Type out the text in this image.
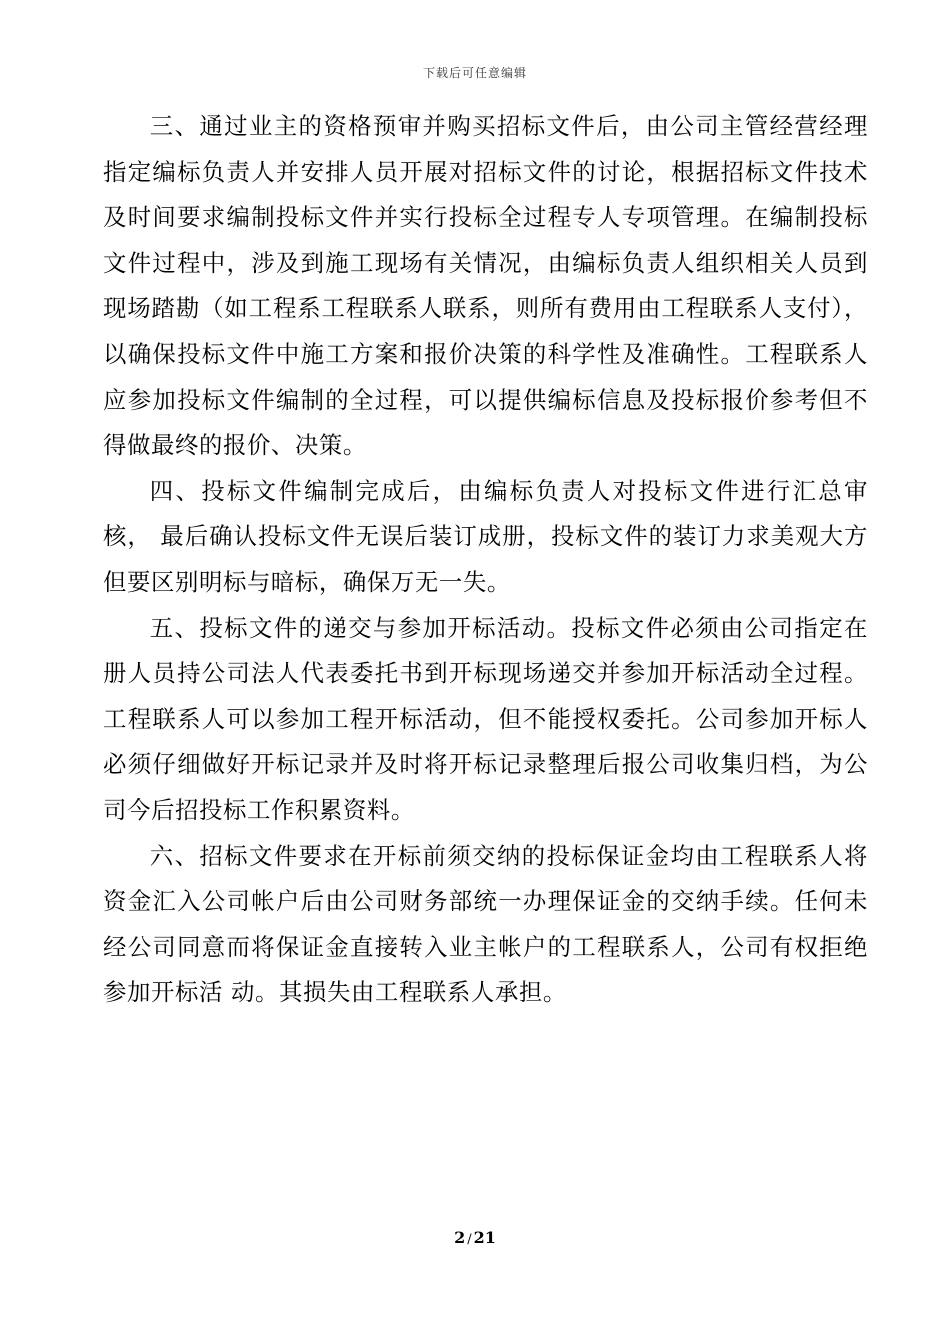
下载后可任意编辑

三、通过业主的资格预审并购买招标文件后，由公司主管经营经理指定编标负责人并安排人员开展对招标文件的讨论，根据招标文件技术及时间要求编制投标文件并实行投标全过程专人专项管理。在编制投标文件过程中，涉及到施工现场有关情况，由编标负责人组织相关人员到现场踏勘（如工程系工程联系人联系，则所有费用由工程联系人支付），以确保投标文件中施工方案和报价决策的科学性及准确性。工程联系人应参加投标文件编制的全过程，可以提供编标信息及投标报价参考但不得做最终的报价、决策。

四、投标文件编制完成后，由编标负责人对投标文件进行汇总审核， 最后确认投标文件无误后装订成册，投标文件的装订力求美观大方但要区别明标与暗标，确保万无一失。

五、投标文件的递交与参加开标活动。投标文件必须由公司指定在册人员持公司法人代表委托书到开标现场递交并参加开标活动全过程。工程联系人可以参加工程开标活动，但不能授权委托。公司参加开标人必须仔细做好开标记录并及时将开标记录整理后报公司收集归档，为公司今后招投标工作积累资料。

六、招标文件要求在开标前须交纳的投标保证金均由工程联系人将资金汇入公司帐户后由公司财务部统一办理保证金的交纳手续。任何未经公司同意而将保证金直接转入业主帐户的工程联系人，公司有权拒绝参加开标活 动。其损失由工程联系人承担。

2 / 21
